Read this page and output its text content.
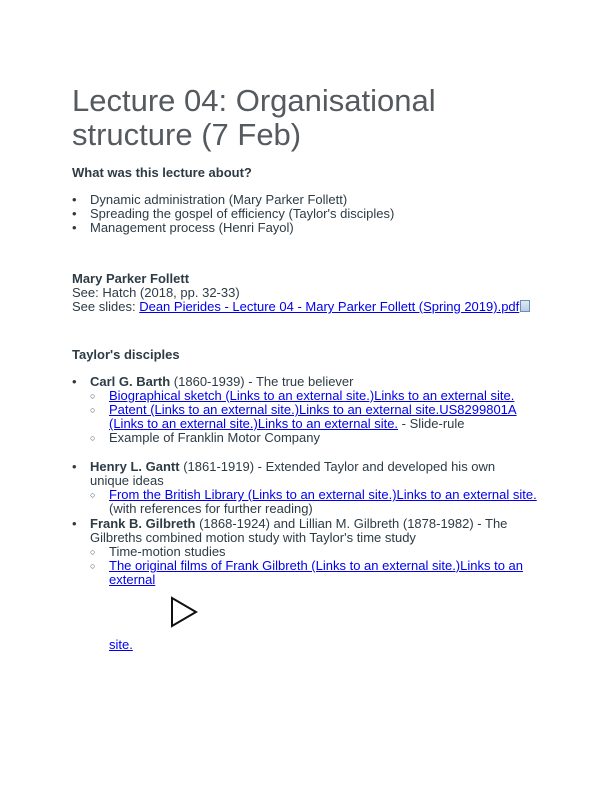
Lecture 04: Organisational structure (7 Feb)

What was this lecture about?

• Dynamic administration (Mary Parker Follett)
• Spreading the gospel of efficiency (Taylor's disciples)
• Management process (Henri Fayol)
Mary Parker Follett
See: Hatch (2018, pp. 32-33)
See slides: Dean Pierides - Lecture 04 - Mary Parker Follett (Spring 2019).pdf
Taylor's disciples
• Carl G. Barth (1860-1939) - The true believer
○ Biographical sketch (Links to an external site.)Links to an external site.
○ Patent (Links to an external site.)Links to an external site.US8299801A (Links to an external site.)Links to an external site. - Slide-rule
○ Example of Franklin Motor Company
• Henry L. Gantt (1861-1919) - Extended Taylor and developed his own unique ideas
○ From the British Library (Links to an external site.)Links to an external site. (with references for further reading)
• Frank B. Gilbreth (1868-1924) and Lillian M. Gilbreth (1878-1982) - The Gilbreths combined motion study with Taylor's time study
○ Time-motion studies
○ The original films of Frank Gilbreth (Links to an external site.)Links to an external
site.
